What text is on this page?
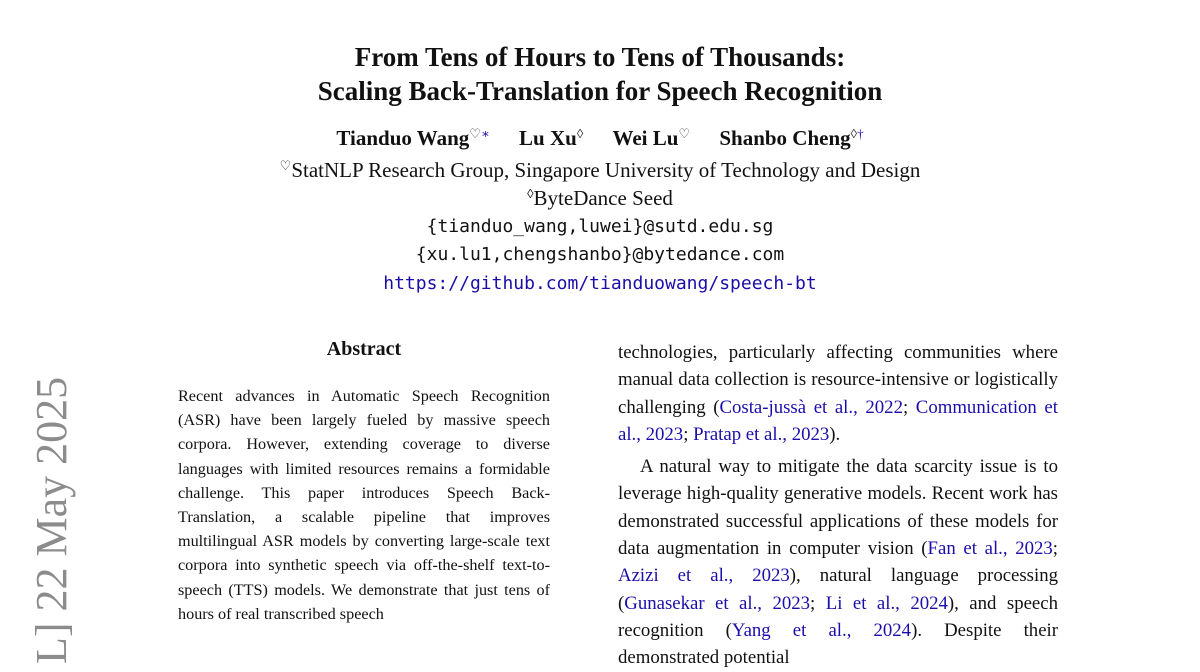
From Tens of Hours to Tens of Thousands:
Scaling Back-Translation for Speech Recognition
Tianduo Wang♡∗ Lu Xu◊ Wei Lu♡ Shanbo Cheng◊†
♡StatNLP Research Group, Singapore University of Technology and Design
◊ByteDance Seed
{tianduo_wang,luwei}@sutd.edu.sg
{xu.lu1,chengshanbo}@bytedance.com
https://github.com/tianduowang/speech-bt
L] 22 May 2025
Abstract

Recent advances in Automatic Speech Recognition (ASR) have been largely fueled by massive speech corpora. However, extending coverage to diverse languages with limited resources remains a formidable challenge. This paper introduces Speech Back-Translation, a scalable pipeline that improves multilingual ASR models by converting large-scale text corpora into synthetic speech via off-the-shelf text-to-speech (TTS) models. We demonstrate that just tens of hours of real transcribed speech

technologies, particularly affecting communities where manual data collection is resource-intensive or logistically challenging (Costa-jussà et al., 2022; Communication et al., 2023; Pratap et al., 2023).

A natural way to mitigate the data scarcity issue is to leverage high-quality generative models. Recent work has demonstrated successful applications of these models for data augmentation in computer vision (Fan et al., 2023; Azizi et al., 2023), natural language processing (Gunasekar et al., 2023; Li et al., 2024), and speech recognition (Yang et al., 2024). Despite their demonstrated potential
